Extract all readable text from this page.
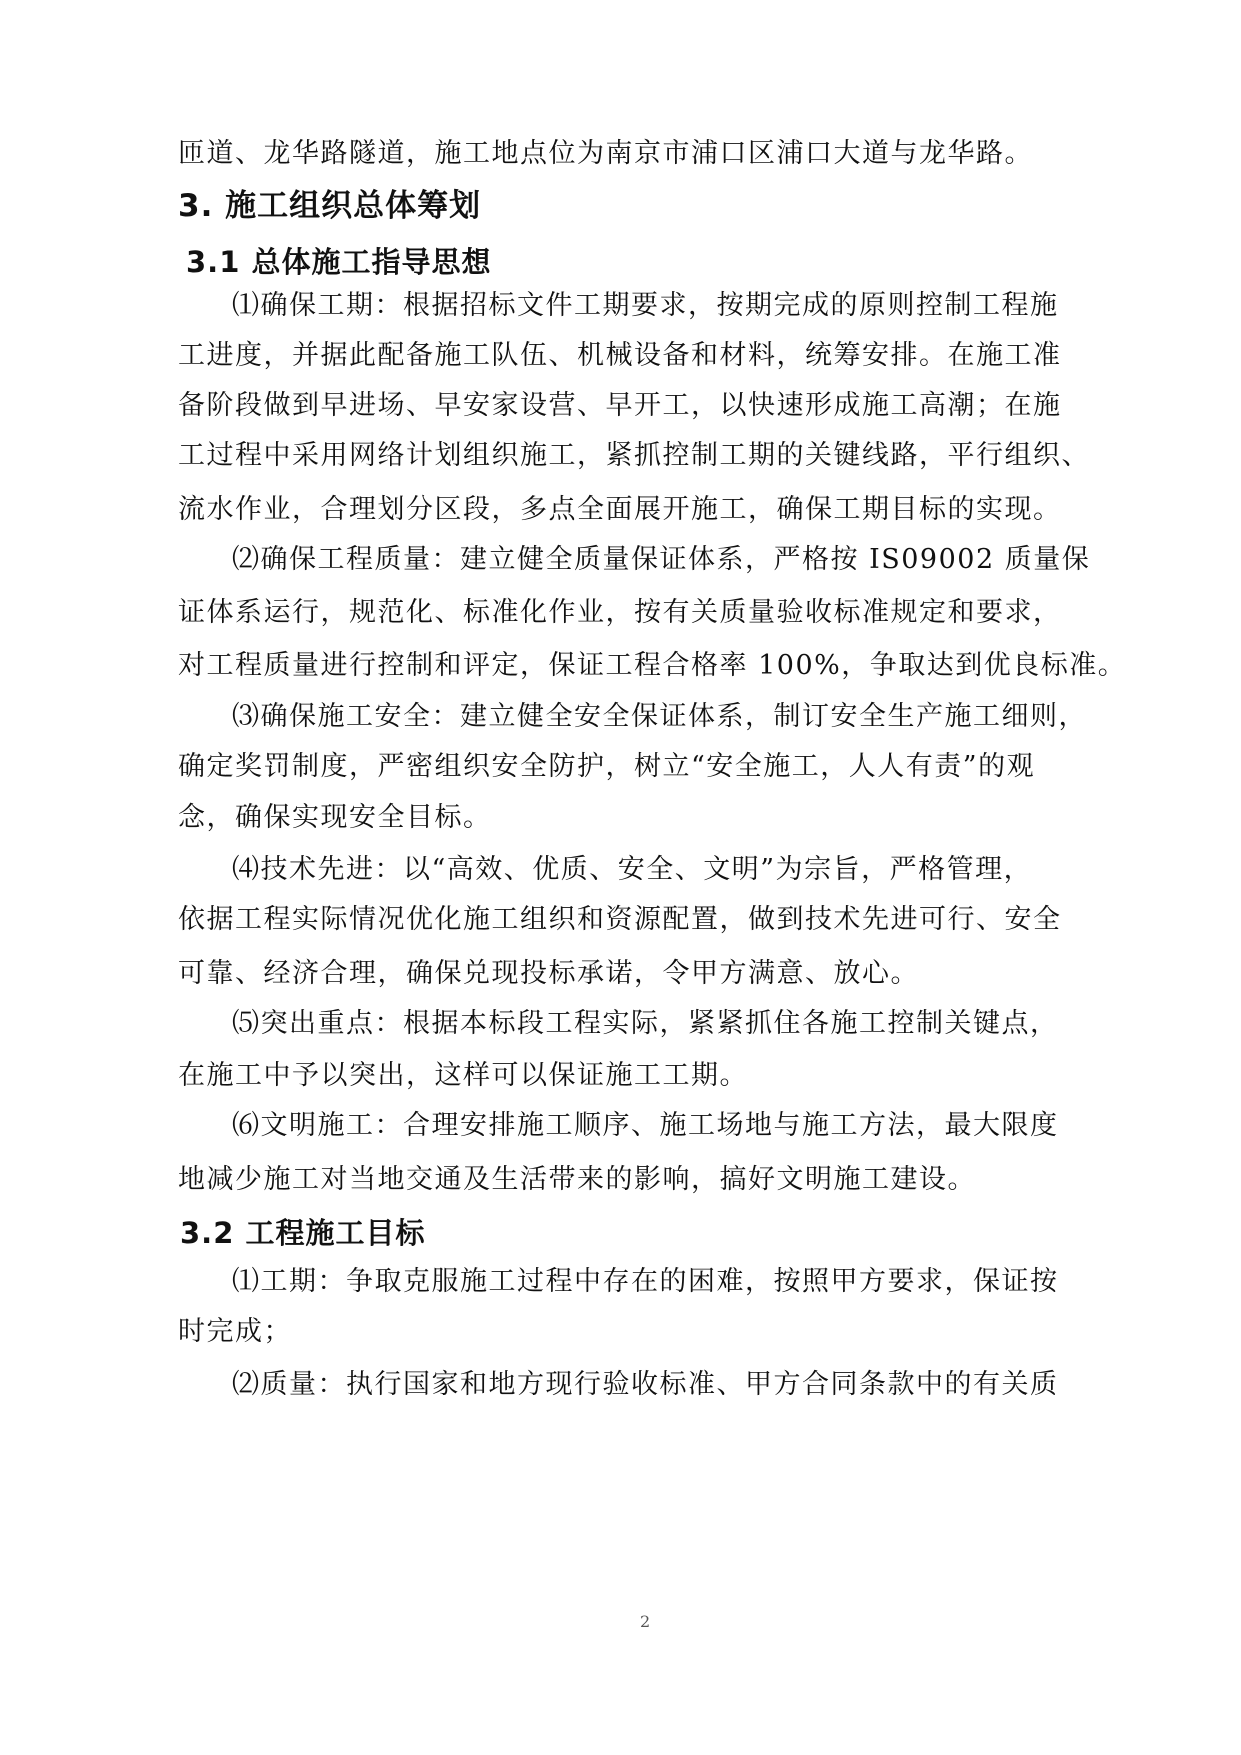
匝道、龙华路隧道，施工地点位为南京市浦口区浦口大道与龙华路。
3. 施工组织总体筹划
3.1 总体施工指导思想
⑴确保工期：根据招标文件工期要求，按期完成的原则控制工程施
工进度，并据此配备施工队伍、机械设备和材料，统筹安排。在施工准
备阶段做到早进场、早安家设营、早开工，以快速形成施工高潮；在施
工过程中采用网络计划组织施工，紧抓控制工期的关键线路，平行组织、
流水作业，合理划分区段，多点全面展开施工，确保工期目标的实现。
⑵确保工程质量：建立健全质量保证体系，严格按 IS09002 质量保
证体系运行，规范化、标准化作业，按有关质量验收标准规定和要求，
对工程质量进行控制和评定，保证工程合格率 100%，争取达到优良标准。
⑶确保施工安全：建立健全安全保证体系，制订安全生产施工细则，
确定奖罚制度，严密组织安全防护，树立“安全施工，人人有责”的观
念，确保实现安全目标。
⑷技术先进：以“高效、优质、安全、文明”为宗旨，严格管理，
依据工程实际情况优化施工组织和资源配置，做到技术先进可行、安全
可靠、经济合理，确保兑现投标承诺，令甲方满意、放心。
⑸突出重点：根据本标段工程实际，紧紧抓住各施工控制关键点，
在施工中予以突出，这样可以保证施工工期。
⑹文明施工：合理安排施工顺序、施工场地与施工方法，最大限度
地减少施工对当地交通及生活带来的影响，搞好文明施工建设。
3.2 工程施工目标
⑴工期：争取克服施工过程中存在的困难，按照甲方要求，保证按
时完成；
⑵质量：执行国家和地方现行验收标准、甲方合同条款中的有关质
2
